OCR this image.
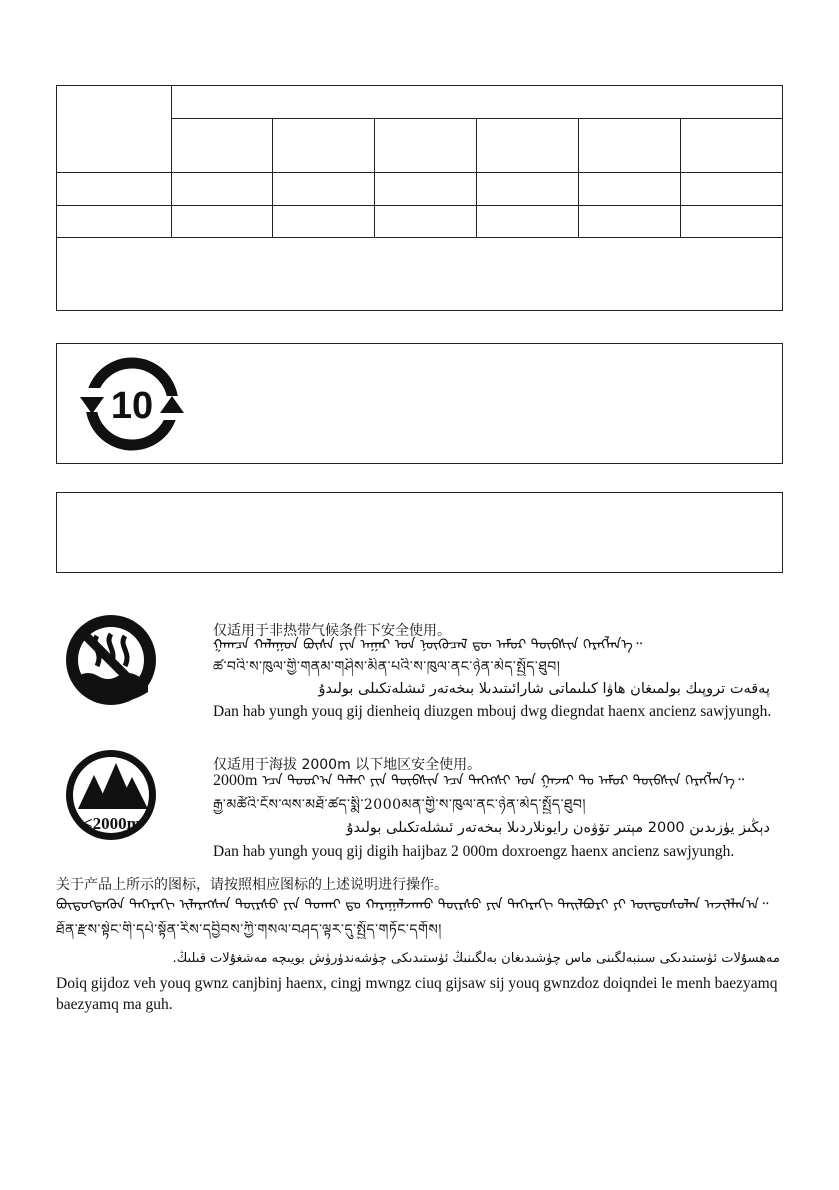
10
仅适用于非热带气候条件下安全使用。
ᠭᠠᠭᠴᠠ ᠬᠠᠯᠠᠭᠤᠨ ᠪᠦᠰᠡ ᠶᠢᠨ ᠠᠭᠠᠷ ᠤᠨ ᠨᠥᠬᠦᠴᠡᠯ ᠳᠦ ᠠᠮᠤᠷ ᠲᠦᠪᠰᠢᠨ ᠬᠡᠷᠡᠭᠯᠡᠨ᠎ᠡ᠃
ཚ་བའི་ས་ཁུལ་གྱི་གནམ་གཤིས་མིན་པའི་ས་ཁུལ་ནང་ཉེན་མེད་སྤྱོད་ཐུབ།
پەقەت تروپىك بولمىغان ھاۋا كىلىماتى شارائىتىدىلا بىخەتەر ئىشلەتكىلى بولىدۇ
Dan hab yungh youq gij dienheiq diuzgen mbouj dwg diegndat haenx ancienz sawjyungh.
≤2000m
仅适用于海拔 2000m 以下地区安全使用。
2000m ᠡᠴᠡ ᠳᠣᠣᠷ᠎ᠠ ᠳᠠᠯᠠᠢ ᠶᠢᠨ ᠲᠥᠪᠰᠢᠨ ᠡᠴᠡ ᠳᠡᠭᠡᠭᠰᠢ ᠤᠨ ᠭᠠᠵᠠᠷ ᠲᠤ ᠠᠮᠤᠷ ᠲᠦᠪᠰᠢᠨ ᠬᠡᠷᠡᠭᠯᠡᠨ᠎ᠡ᠃
རྒྱ་མཚོའི་ངོས་ལས་མཐོ་ཚད་སྨི་2000མན་གྱི་ས་ཁུལ་ནང་ཉེན་མེད་སྤྱོད་ཐུབ།
دېڭىز يۈزىدىن 2000 مېتىر تۆۋەن رايونلاردىلا بىخەتەر ئىشلەتكىلى بولىدۇ
Dan hab yungh youq gij digih haijbaz 2 000m doxroengz haenx ancienz sawjyungh.
关于产品上所示的图标，请按照相应图标的上述说明进行操作。
ᠪᠦᠳᠦᠭᠳᠡᠬᠦᠨ ᠳᠡᠭᠡᠷᠡᠬᠢ ᠢᠯᠡᠷᠡᠭᠰᠡᠨ ᠳᠦᠷᠰᠦ ᠶᠢᠨ ᠲᠤᠬᠠᠢ ᠳᠤ ᠬᠠᠷᠠᠭᠠᠯᠵᠠᠬᠤ ᠳᠦᠷᠰᠦ ᠶᠢᠨ ᠳᠡᠭᠡᠷᠡᠬᠢ ᠲᠠᠢᠯᠪᠤᠷᠢ ᠶᠢ ᠦᠨᠳᠦᠰᠦᠯᠡᠨ ᠠᠵᠢᠯᠯᠠᠨ᠎ᠠ᠃
ཐོན་རྫས་སྟེང་གི་དཔེ་སྟོན་རིས་དབྱིབས་ཀྱི་གསལ་བཤད་ལྟར་དུ་སྤྱོད་གཏོང་དགོས།
مەھسۇلات ئۈستىدىكى سىنبەلگىنى ماس چۈشىدىغان بەلگىنىڭ ئۈستىدىكى چۈشەندۈرۈش بويىچە مەشغۇلات قىلىڭ.
Doiq gijdoz veh youq gwnz canjbinj haenx, cingj mwngz ciuq gijsaw sij youq gwnzdoz doiqndei le menh baezyamq
baezyamq ma guh.
